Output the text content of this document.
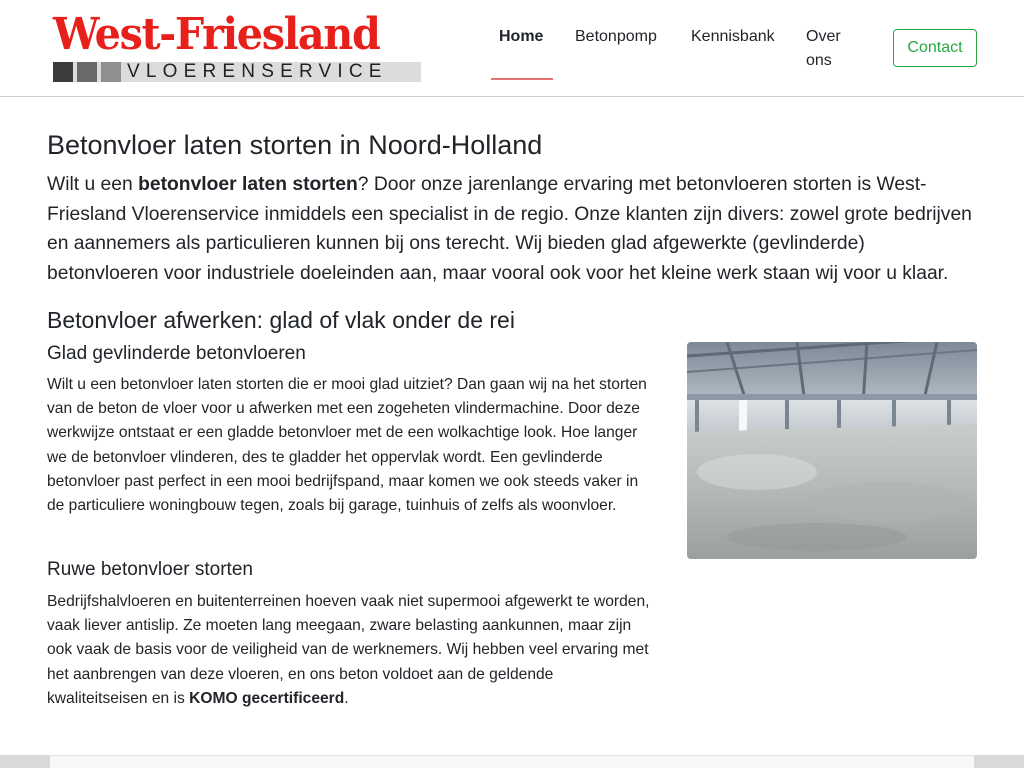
West-Friesland
VLOERENSERVICE
Home Betonpomp Kennisbank Over ons
Contact
Betonvloer laten storten in Noord-Holland

Wilt u een betonvloer laten storten? Door onze jarenlange ervaring met betonvloeren storten is West-Friesland Vloerenservice inmiddels een specialist in de regio. Onze klanten zijn divers: zowel grote bedrijven en aannemers als particulieren kunnen bij ons terecht. Wij bieden glad afgewerkte (gevlinderde) betonvloeren voor industriele doeleinden aan, maar vooral ook voor het kleine werk staan wij voor u klaar.

Betonvloer afwerken: glad of vlak onder de rei
Glad gevlinderde betonvloeren

Wilt u een betonvloer laten storten die er mooi glad uitziet? Dan gaan wij na het storten van de beton de vloer voor u afwerken met een zogeheten vlindermachine. Door deze werkwijze ontstaat er een gladde betonvloer met de een wolkachtige look. Hoe langer we de betonvloer vlinderen, des te gladder het oppervlak wordt. Een gevlinderde betonvloer past perfect in een mooi bedrijfspand, maar komen we ook steeds vaker in de particuliere woningbouw tegen, zoals bij garage, tuinhuis of zelfs als woonvloer.

Ruwe betonvloer storten

Bedrijfshalvloeren en buitenterreinen hoeven vaak niet supermooi afgewerkt te worden, vaak liever antislip. Ze moeten lang meegaan, zware belasting aankunnen, maar zijn ook vaak de basis voor de veiligheid van de werknemers. Wij hebben veel ervaring met het aanbrengen van deze vloeren, en ons beton voldoet aan de geldende kwaliteitseisen en is KOMO gecertificeerd.
